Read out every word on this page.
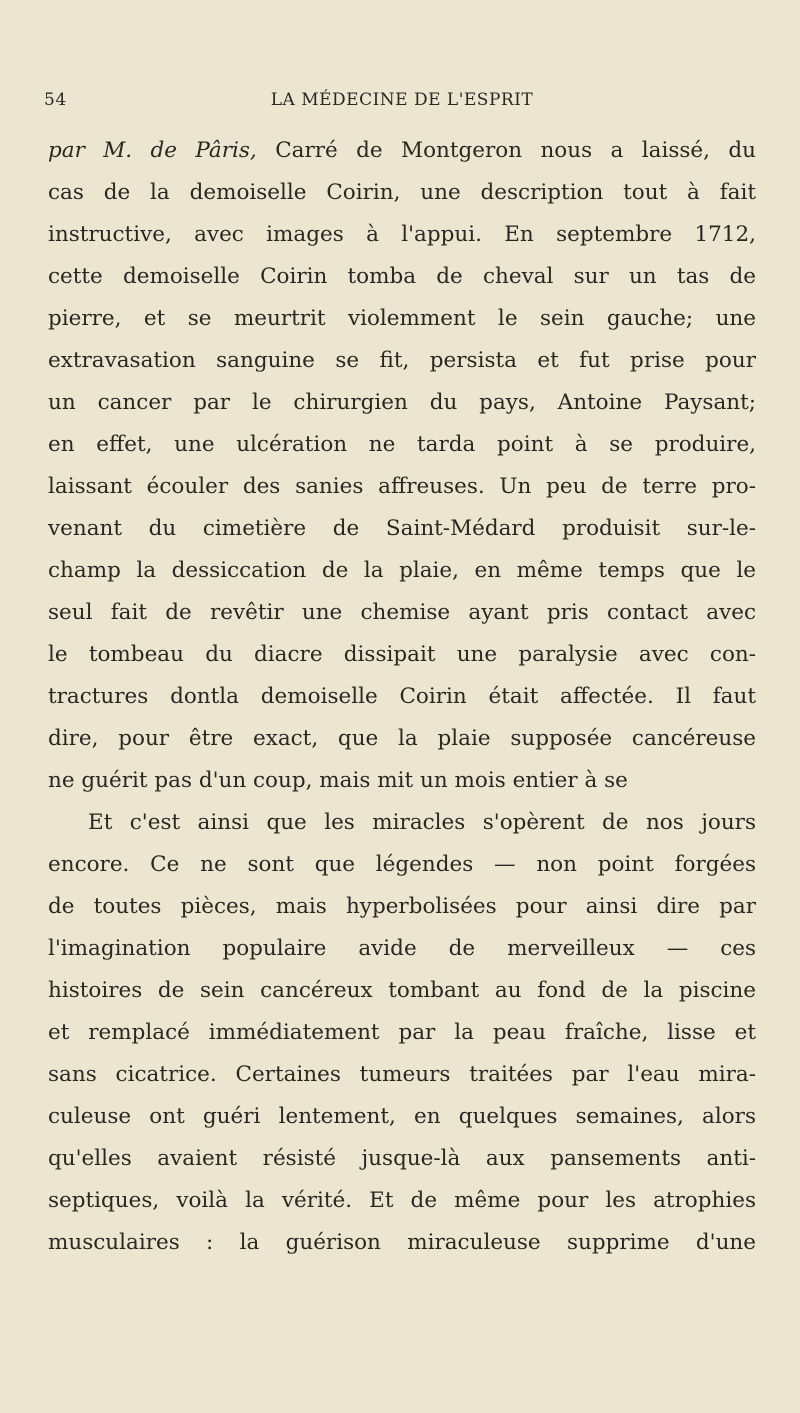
54	LA MÉDECINE DE L'ESPRIT
par M. de Pâris, Carré de Montgeron nous a laissé, du
cas de la demoiselle Coirin, une description tout à fait
instructive, avec images à l'appui. En septembre 1712,
cette demoiselle Coirin tomba de cheval sur un tas de
pierre, et se meurtrit violemment le sein gauche; une
extravasation sanguine se fit, persista et fut prise pour
un cancer par le chirurgien du pays, Antoine Paysant;
en effet, une ulcération ne tarda point à se produire,
laissant écouler des sanies affreuses. Un peu de terre pro-
venant du cimetière de Saint-Médard produisit sur-le-
champ la dessiccation de la plaie, en même temps que le
seul fait de revêtir une chemise ayant pris contact avec
le tombeau du diacre dissipait une paralysie avec con-
tractures dontla demoiselle Coirin était affectée. Il faut
dire, pour être exact, que la plaie supposée cancéreuse
ne guérit pas d'un coup, mais mit un mois entier à se
Et c'est ainsi que les miracles s'opèrent de nos jours
encore. Ce ne sont que légendes — non point forgées
de toutes pièces, mais hyperbolisées pour ainsi dire par
l'imagination populaire avide de merveilleux — ces
histoires de sein cancéreux tombant au fond de la piscine
et remplacé immédiatement par la peau fraîche, lisse et
sans cicatrice. Certaines tumeurs traitées par l'eau mira-
culeuse ont guéri lentement, en quelques semaines, alors
qu'elles avaient résisté jusque-là aux pansements anti-
septiques, voilà la vérité. Et de même pour les atrophies
musculaires : la guérison miraculeuse supprime d'une
